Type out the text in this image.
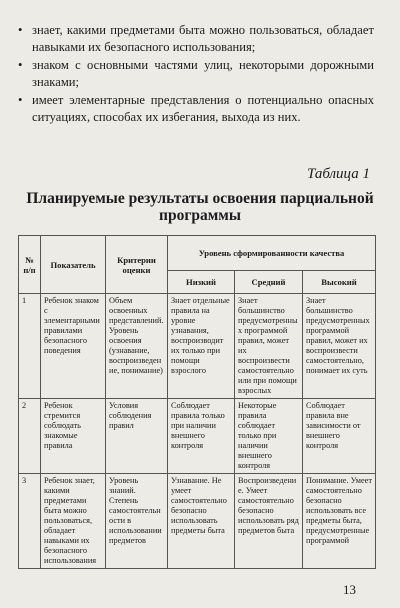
• знает, какими предметами быта можно пользоваться, обладает навыками их безопасного использования;
• знаком с основными частями улиц, некоторыми дорожными знаками;
• имеет элементарные представления о потенциально опасных ситуациях, способах их избегания, выхода из них.
Таблица 1
Планируемые результаты освоения парциальной программы
№ п/п	Показатель	Критерии оценки	Уровень сформированности качества		
			Низкий	Средний	Высокий
1	Ребенок знаком с элементарными правилами безопасного поведения	Объем освоенных представлений. Уровень освоения (узнавание, воспроизведение, понимание)	Знает отдельные правила на уровне узнавания, воспроизводит их только при помощи взрослого	Знает большинство предусмотренных программой правил, может их воспроизвести самостоятельно или при помощи взрослых	Знает большинство предусмотренных программой правил, может их воспроизвести самостоятельно, понимает их суть
2	Ребенок стремится соблюдать знакомые правила	Условия соблюдения правил	Соблюдает правила только при наличии внешнего контроля	Некоторые правила соблюдает только при наличии внешнего контроля	Соблюдает правила вне зависимости от внешнего контроля
3	Ребенок знает, какими предметами быта можно пользоваться, обладает навыками их безопасного использования	Уровень знаний. Степень самостоятельности в использовании предметов	Узнавание. Не умеет самостоятельно безопасно использовать предметы быта	Воспроизведение. Умеет самостоятельно безопасно использовать ряд предметов быта	Понимание. Умеет самостоятельно безопасно использовать все предметы быта, предусмотренные программой
13
